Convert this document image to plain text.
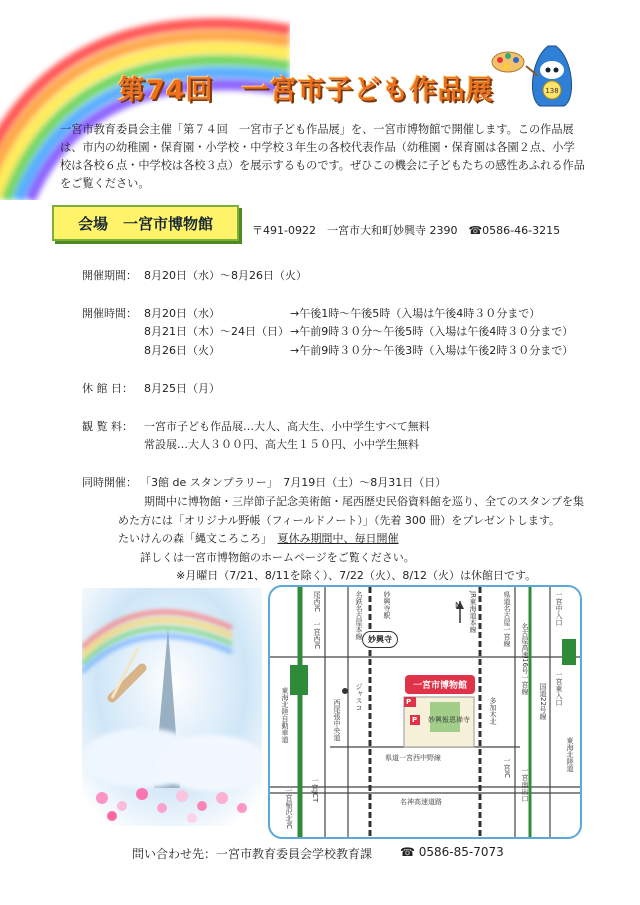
第74回　一宮市子ども作品展	138
一宮市教育委員会主催「第７４回　一宮市子ども作品展」を、一宮市博物館で開催します。この作品展は、市内の幼稚園・保育園・小学校・中学校３年生の各校代表作品（幼稚園・保育園は各園２点、小学校は各校６点・中学校は各校３点）を展示するものです。ぜひこの機会に子どもたちの感性あふれる作品をご覧ください。
会場　一宮市博物館	〒491-0922　一宮市大和町妙興寺 2390　☎0586-46-3215
開催期間： 8月20日（水）～8月26日（火）
開催時間： 8月20日（水）	→午後1時～午後5時（入場は午後4時３０分まで）
8月21日（木）～24日（日） →午前9時３０分～午後5時（入場は午後4時３０分まで）
8月26日（火）	→午前9時３０分～午後3時（入場は午後2時３０分まで）
休 館 日： 8月25日（月）
観 覧 料： 一宮市子ども作品展…大人、高大生、小中学生すべて無料
常設展…大人３００円、高大生１５０円、小中学生無料
同時開催： 「3館 de スタンプラリー」　7月19日（土）～8月31日（日）
期間中に博物館・三岸節子記念美術館・尾西歴史民俗資料館を巡り、全てのスタンプを集
めた方には「オリジナル野帳（フィールドノート）」（先着 300 冊）をプレゼントします。
たいけんの森「縄文ころころ」　夏休み期間中、毎日開催
詳しくは一宮市博物館のホームページをご覧ください。
※月曜日（7/21、8/11を除く）、7/22（火）、8/12（火）は休館日です。
一宮市博物館
妙興寺
妙興報恩禅寺
N
名神高速道路
県道一宮西中野線
P
P
尾西IC
一宮西IC	名鉄名古屋本線
東海北陸自動車道	西尾張中央道
ジャスコ
JR東海道本線
国道22号線
名古屋高速16号一宮線
一宮中入口
一宮東入口
一宮南出口
一宮JCT
一宮稲沢北IC
一宮IC	東海北陸道
多加木北
妙興寺駅	県道名古屋一宮線
問い合わせ先：一宮市教育委員会学校教育課 ☎ 0586-85-7073
